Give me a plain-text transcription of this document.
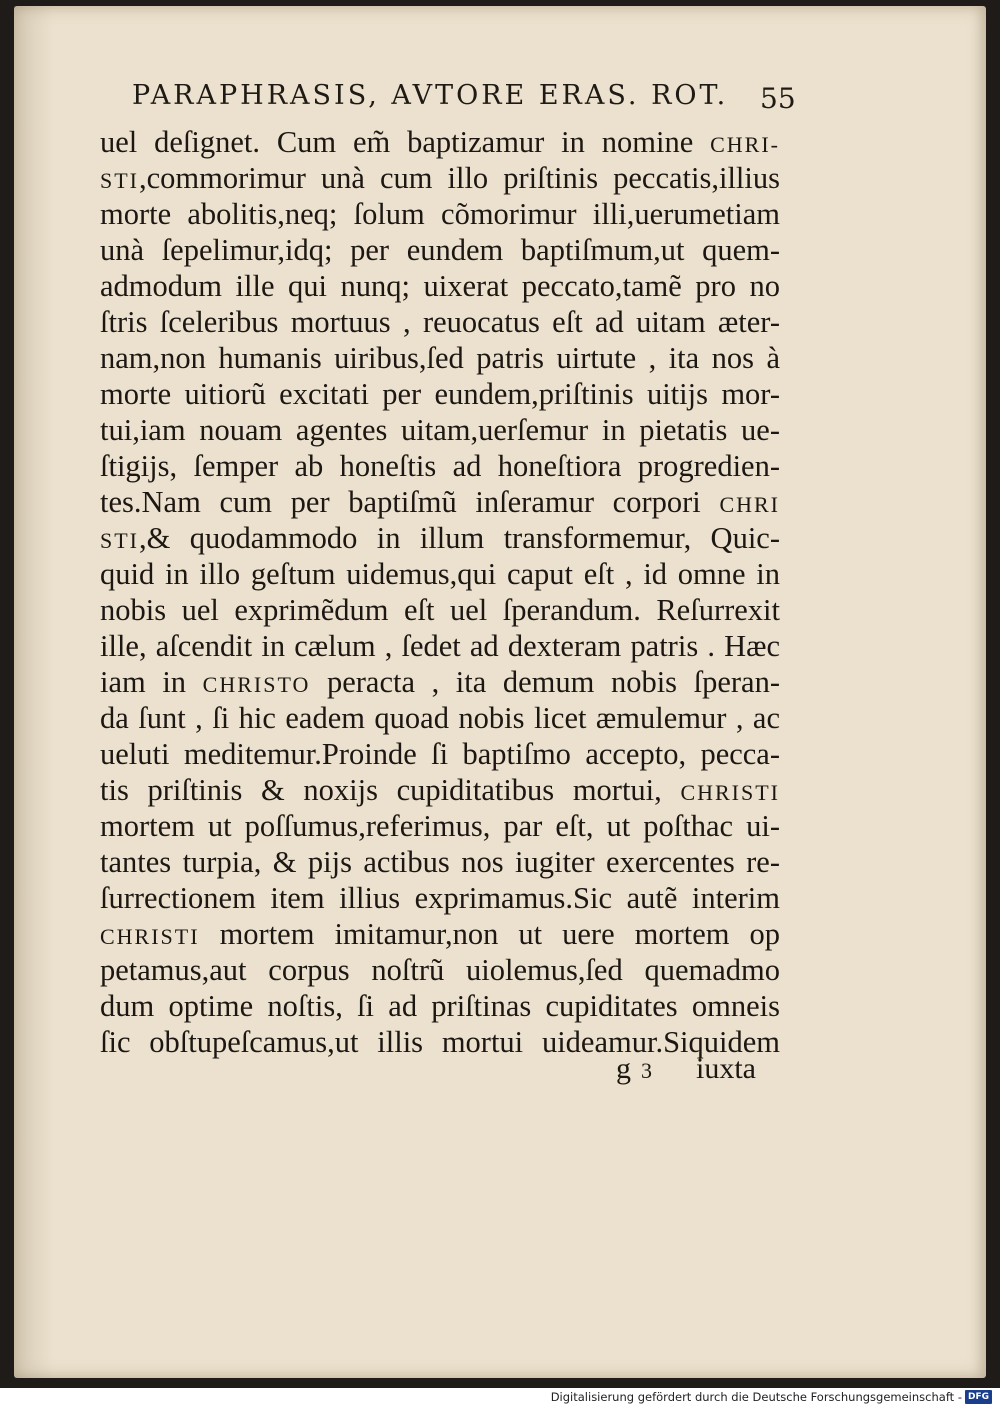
PARAPHRASIS, AVTORE ERAS. ROT. 55
uel deſignet. Cum em̃ baptizamur in nomine CHRI-
STI,commorimur unà cum illo priſtinis peccatis,illius
morte abolitis,neq; ſolum cõmorimur illi,uerumetiam
unà ſepelimur,idq; per eundem baptiſmum,ut quem-
admodum ille qui nunq; uixerat peccato,tamẽ pro no
ſtris ſceleribus mortuus , reuocatus eſt ad uitam æter-
nam,non humanis uiribus,ſed patris uirtute , ita nos à
morte uitiorũ excitati per eundem,priſtinis uitijs mor-
tui,iam nouam agentes uitam,uerſemur in pietatis ue-
ſtigijs, ſemper ab honeſtis ad honeſtiora progredien-
tes.Nam cum per baptiſmũ inſeramur corpori CHRI
STI,& quodammodo in illum transformemur, Quic-
quid in illo geſtum uidemus,qui caput eſt , id omne in
nobis uel exprimẽdum eſt uel ſperandum. Reſurrexit
ille, aſcendit in cælum , ſedet ad dexteram patris . Hæc
iam in CHRISTO peracta , ita demum nobis ſperan-
da ſunt , ſi hic eadem quoad nobis licet æmulemur , ac
ueluti meditemur.Proinde ſi baptiſmo accepto, pecca-
tis priſtinis & noxijs cupiditatibus mortui, CHRISTI
mortem ut poſſumus,referimus, par eſt, ut poſthac ui-
tantes turpia, & pijs actibus nos iugiter exercentes re-
ſurrectionem item illius exprimamus.Sic autẽ interim
CHRISTI mortem imitamur,non ut uere mortem op
petamus,aut corpus noſtrũ uiolemus,ſed quemadmo
dum optime noſtis, ſi ad priſtinas cupiditates omneis
ſic obſtupeſcamus,ut illis mortui uideamur.Siquidem
g 3 iuxta
Digitalisierung gefördert durch die Deutsche Forschungsgemeinschaft - DFG
